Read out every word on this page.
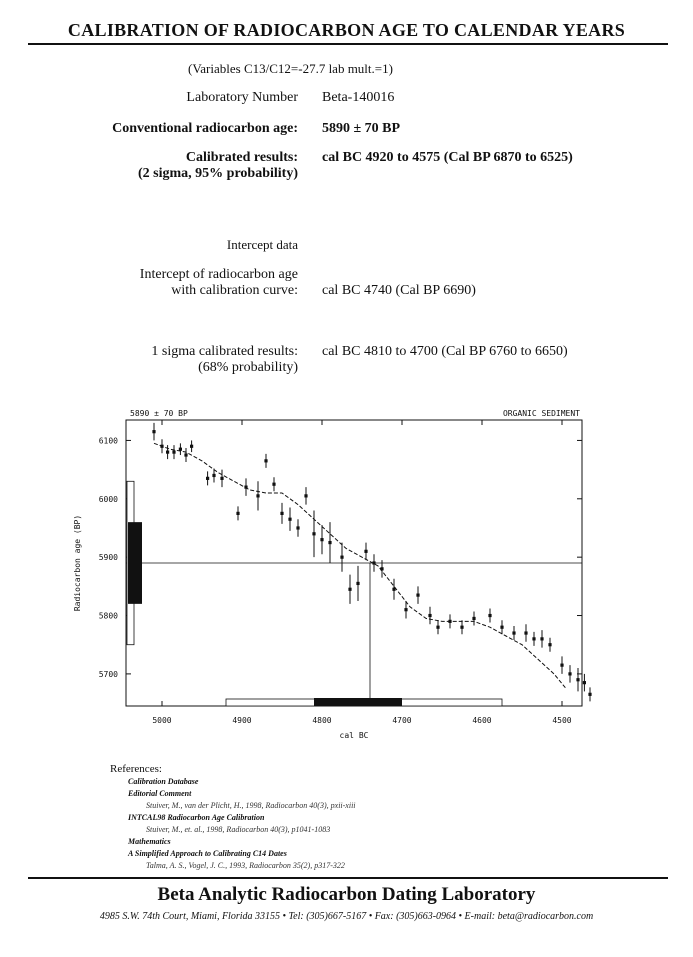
CALIBRATION OF RADIOCARBON AGE TO CALENDAR YEARS
(Variables C13/C12=-27.7 lab mult.=1)
Laboratory Number Beta-140016
Conventional radiocarbon age: 5890 ± 70 BP
Calibrated results:
(2 sigma, 95% probability)
cal BC 4920 to 4575 (Cal BP 6870 to 6525)
Intercept data
Intercept of radiocarbon age
with calibration curve: cal BC 4740 (Cal BP 6690)
1 sigma calibrated results:
(68% probability)
cal BC 4810 to 4700 (Cal BP 6760 to 6650)
5890 ± 70 BP	ORGANIC SEDIMENT
Radiocarbon age (BP)
cal BC
5000	4900	4800	4700	4600	4500
6100
6000
5900
5800
5700
References:
Calibration Database
Editorial Comment
Stuiver, M., van der Plicht, H., 1998, Radiocarbon 40(3), pxii-xiii
INTCAL98 Radiocarbon Age Calibration
Stuiver, M., et. al., 1998, Radiocarbon 40(3), p1041-1083
Mathematics
A Simplified Approach to Calibrating C14 Dates
Talma, A. S., Vogel, J. C., 1993, Radiocarbon 35(2), p317-322
Beta Analytic Radiocarbon Dating Laboratory
4985 S.W. 74th Court, Miami, Florida 33155 • Tel: (305)667-5167 • Fax: (305)663-0964 • E-mail: beta@radiocarbon.com
